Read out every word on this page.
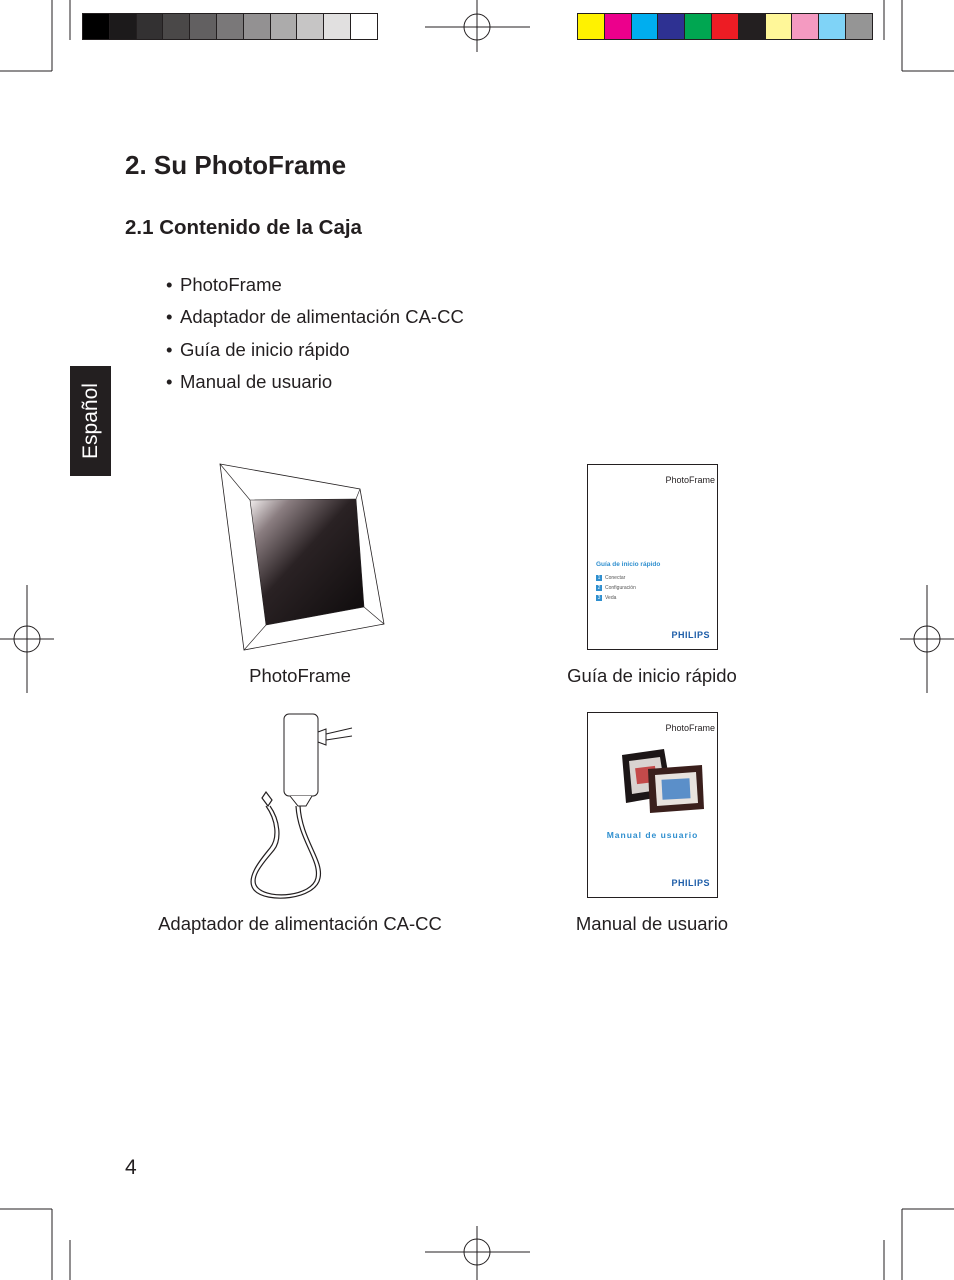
Español
2. Su PhotoFrame
2.1 Contenido de la Caja
• PhotoFrame
• Adaptador de alimentación CA-CC
• Guía de inicio rápido
• Manual de usuario
PhotoFrame
PhotoFrame
Guía de inicio rápido
1 Conectar
2 Configuración
3 Veda
PHILIPS
Guía de inicio rápido
Adaptador de alimentación CA-CC
PhotoFrame
Manual de usuario
PHILIPS
Manual de usuario
4
